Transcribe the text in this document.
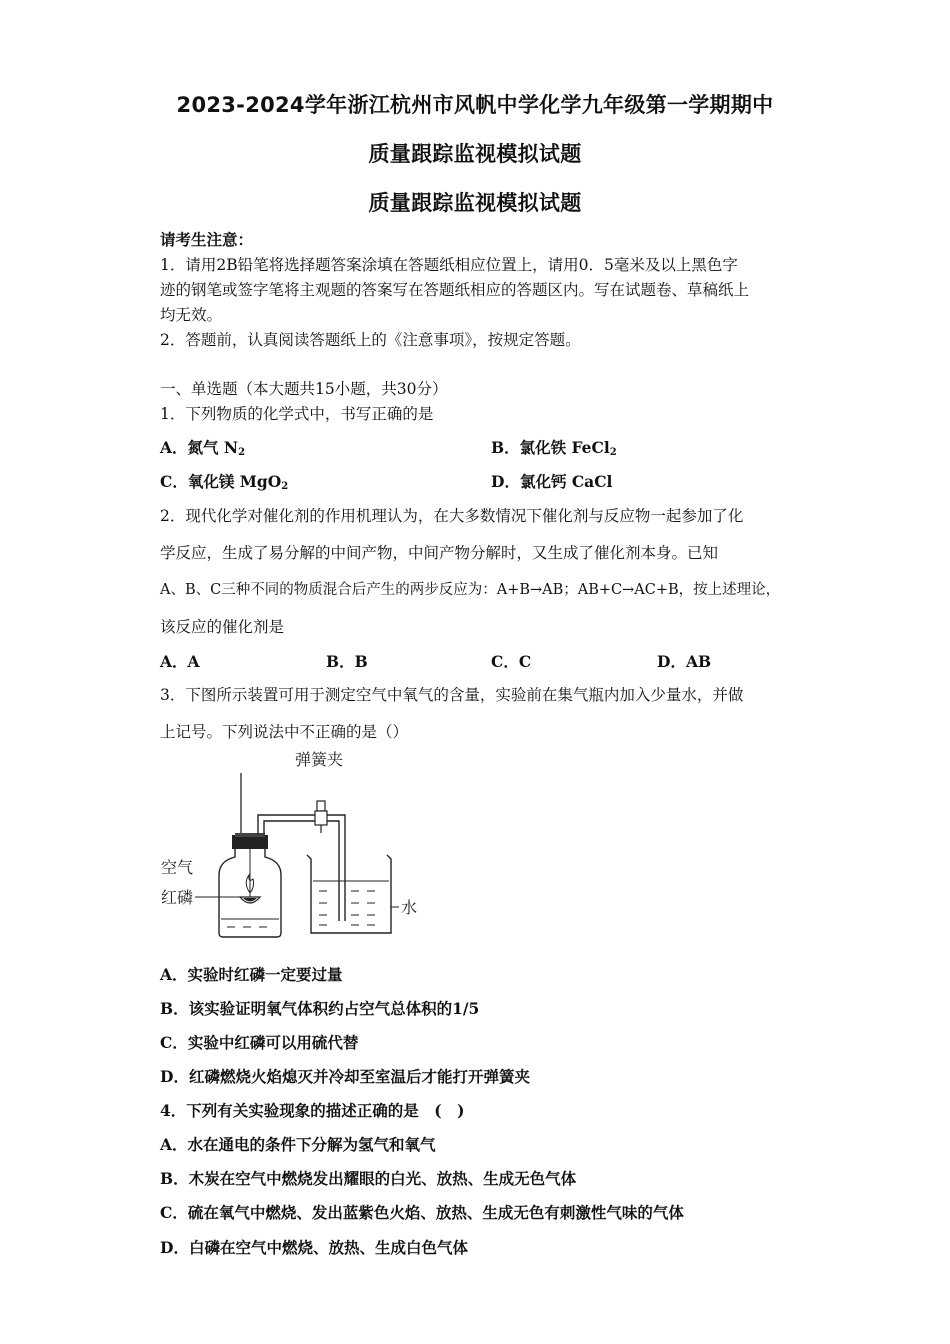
2023-2024学年浙江杭州市风帆中学化学九年级第一学期期中
质量跟踪监视模拟试题
质量跟踪监视模拟试题
请考生注意：
1．请用2B铅笔将选择题答案涂填在答题纸相应位置上，请用0．5毫米及以上黑色字
迹的钢笔或签字笔将主观题的答案写在答题纸相应的答题区内。写在试题卷、草稿纸上
均无效。
2．答题前，认真阅读答题纸上的《注意事项》，按规定答题。
一、单选题（本大题共15小题，共30分）
1．下列物质的化学式中，书写正确的是
A．氮气 $N_2$	B．氯化铁 FeCl$_2$
C．氧化镁 MgO$_2$	D．氯化钙 CaCl
2．现代化学对催化剂的作用机理认为，在大多数情况下催化剂与反应物一起参加了化
学反应，生成了易分解的中间产物，中间产物分解时，又生成了催化剂本身。已知
A、B、C三种不同的物质混合后产生的两步反应为：A+B→AB；AB+C→AC+B，按上述理论，
该反应的催化剂是
A．A	B．B	C．C	D．AB
3．下图所示装置可用于测定空气中氧气的含量，实验前在集气瓶内加入少量水，并做
上记号。下列说法中不正确的是（）
弹簧夹
空气
红磷
水
A．实验时红磷一定要过量
B．该实验证明氧气体积约占空气总体积的1/5
C．实验中红磷可以用硫代替
D．红磷燃烧火焰熄灭并冷却至室温后才能打开弹簧夹
4．下列有关实验现象的描述正确的是　(　)
A．水在通电的条件下分解为氢气和氧气
B．木炭在空气中燃烧发出耀眼的白光、放热、生成无色气体
C．硫在氧气中燃烧、发出蓝紫色火焰、放热、生成无色有刺激性气味的气体
D．白磷在空气中燃烧、放热、生成白色气体
